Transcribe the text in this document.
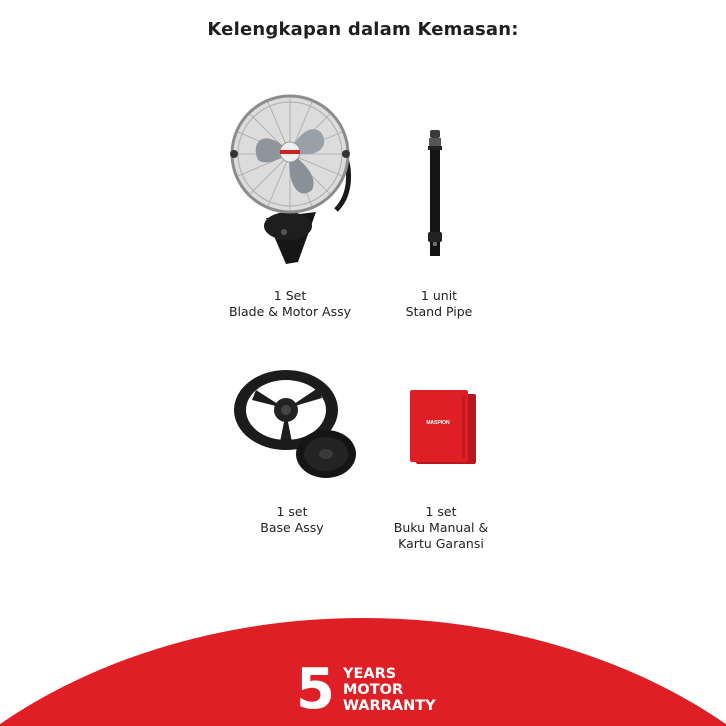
Kelengkapan dalam Kemasan:
1 Set
Blade & Motor Assy
1 unit
Stand Pipe
1 set
Base Assy
MASPION
1 set
Buku Manual &
Kartu Garansi
5 YEARS
MOTOR
WARRANTY
